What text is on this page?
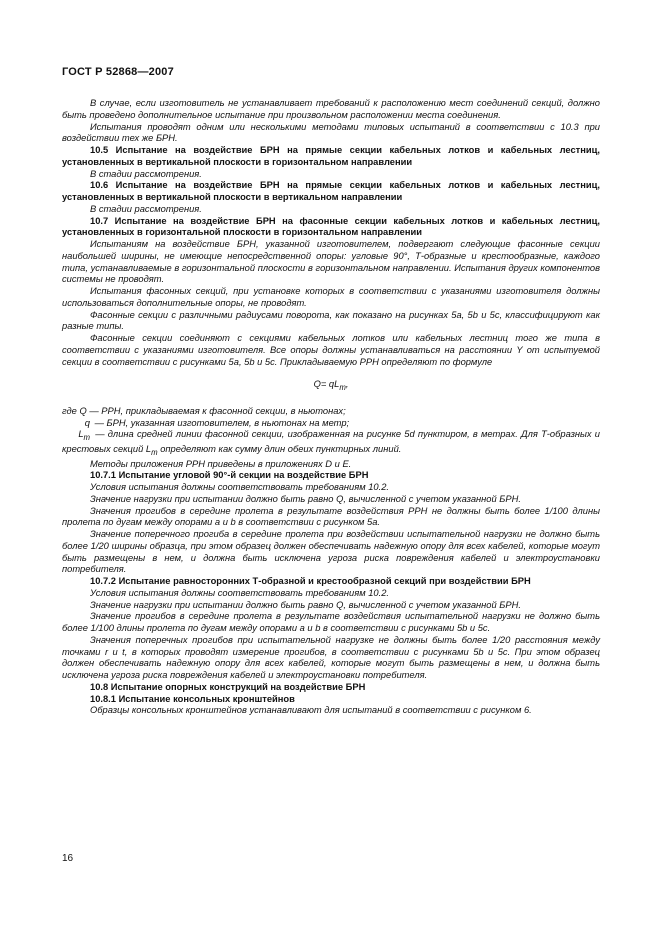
ГОСТ Р 52868—2007

В случае, если изготовитель не устанавливает требований к расположению мест соединений секций, должно быть проведено дополнительное испытание при произвольном расположении места соединения.

Испытания проводят одним или несколькими методами типовых испытаний в соответствии с 10.3 при воздействии тех же БРН.

10.5 Испытание на воздействие БРН на прямые секции кабельных лотков и кабельных лестниц, установленных в вертикальной плоскости в горизонтальном направлении

В стадии рассмотрения.

10.6 Испытание на воздействие БРН на прямые секции кабельных лотков и кабельных лестниц, установленных в вертикальной плоскости в вертикальном направлении

В стадии рассмотрения.

10.7 Испытание на воздействие БРН на фасонные секции кабельных лотков и кабельных лестниц, установленных в горизонтальной плоскости в горизонтальном направлении

Испытаниям на воздействие БРН, указанной изготовителем, подвергают следующие фасонные секции наибольшей ширины, не имеющие непосредственной опоры: угловые 90°, Т-образные и крестообразные, каждого типа, устанавливаемые в горизонтальной плоскости в горизонтальном направлении. Испытания других компонентов системы не проводят.

Испытания фасонных секций, при установке которых в соответствии с указаниями изготовителя должны использоваться дополнительные опоры, не проводят.

Фасонные секции с различными радиусами поворота, как показано на рисунках 5a, 5b и 5c, классифицируют как разные типы.

Фасонные секции соединяют с секциями кабельных лотков или кабельных лестниц того же типа в соответствии с указаниями изготовителя. Все опоры должны устанавливаться на расстоянии Y от испытуемой секции в соответствии с рисунками 5a, 5b и 5c. Прикладываемую РРН определяют по формуле

$Q= qL_m$,

где Q — РРН, прикладываемая к фасонной секции, в ньютонах;

q — БРН, указанная изготовителем, в ньютонах на метр;

$L_m$ — длина средней линии фасонной секции, изображенная на рисунке 5d пунктиром, в метрах. Для Т-образных и крестовых секций $L_m$ определяют как сумму длин обеих пунктирных линий.

Методы приложения РРН приведены в приложениях D и E.

10.7.1 Испытание угловой 90°-й секции на воздействие БРН

Условия испытания должны соответствовать требованиям 10.2.

Значение нагрузки при испытании должно быть равно Q, вычисленной с учетом указанной БРН.

Значения прогибов в середине пролета в результате воздействия РРН не должны быть более 1/100 длины пролета по дугам между опорами a и b в соответствии с рисунком 5a.

Значение поперечного прогиба в середине пролета при воздействии испытательной нагрузки не должно быть более 1/20 ширины образца, при этом образец должен обеспечивать надежную опору для всех кабелей, которые могут быть размещены в нем, и должна быть исключена угроза риска повреждения кабелей и электроустановки потребителя.

10.7.2 Испытание равносторонних Т-образной и крестообразной секций при воздействии БРН

Условия испытания должны соответствовать требованиям 10.2.

Значение нагрузки при испытании должно быть равно Q, вычисленной с учетом указанной БРН.

Значение прогибов в середине пролета в результате воздействия испытательной нагрузки не должно быть более 1/100 длины пролета по дугам между опорами a и b в соответствии с рисунками 5b и 5c.

Значения поперечных прогибов при испытательной нагрузке не должны быть более 1/20 расстояния между точками r и t, в которых проводят измерение прогибов, в соответствии с рисунками 5b и 5c. При этом образец должен обеспечивать надежную опору для всех кабелей, которые могут быть размещены в нем, и должна быть исключена угроза риска повреждения кабелей и электроустановки потребителя.

10.8 Испытание опорных конструкций на воздействие БРН

10.8.1 Испытание консольных кронштейнов

Образцы консольных кронштейнов устанавливают для испытаний в соответствии с рисунком 6.

16
